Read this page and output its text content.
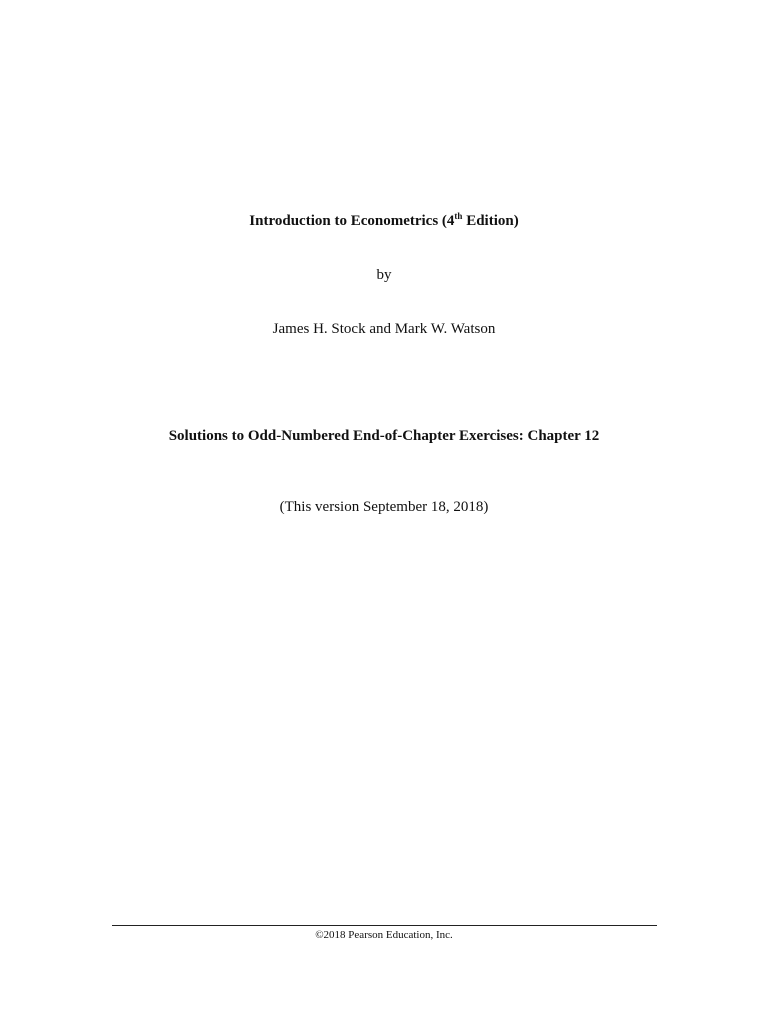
Introduction to Econometrics (4th Edition)
by
James H. Stock and Mark W. Watson
Solutions to Odd-Numbered End-of-Chapter Exercises: Chapter 12
(This version September 18, 2018)
©2018 Pearson Education, Inc.
